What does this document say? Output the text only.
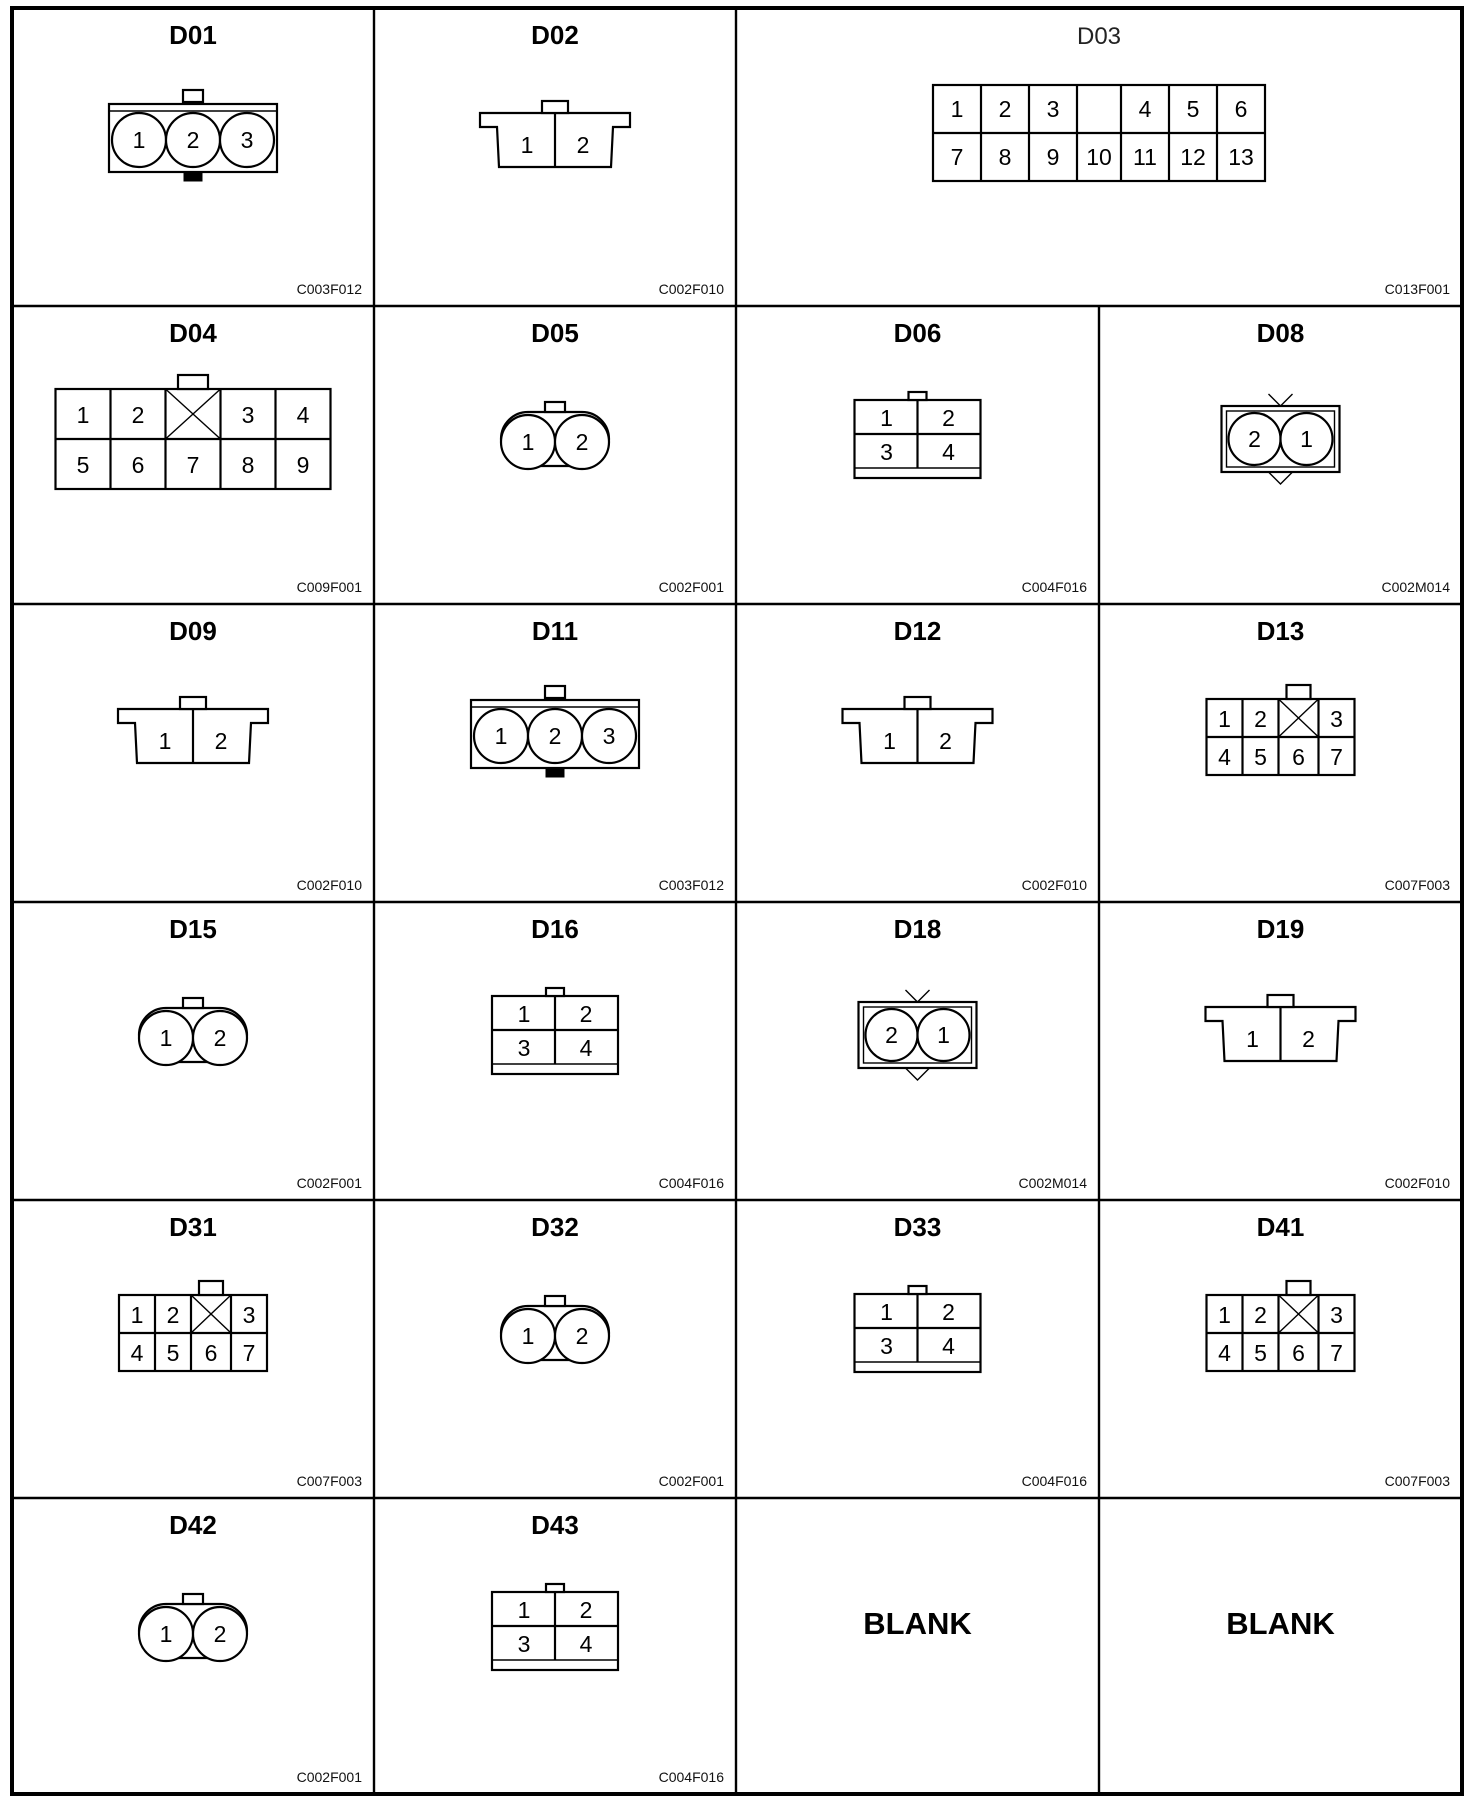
D01
C003F012
1 2 3
D02
C002F010
1 2
D03
C013F001
1 2 3	4 5 6
7 8 9 10 11 12 13
D04
C009F001
1 2	3 4
5 6 7 8 9
D05
C002F001
1 2
D06
C004F016
1 2
3 4
D08
C002M014
2 1
D09
C002F010
1 2
D11
C003F012
1 2 3
D12
C002F010
1 2
D13
C007F003
1 2	3
4 5 6 7
D15
C002F001
1 2
D16
C004F016
1 2
3 4
D18
C002M014
2 1
D19
C002F010
1 2
D31
C007F003
1 2	3
4 5 6 7
D32
C002F001
1 2
D33
C004F016
1 2
3 4
D41
C007F003
1 2	3
4 5 6 7
D42
C002F001
1 2
D43
C004F016
1 2
3 4
BLANK	BLANK
